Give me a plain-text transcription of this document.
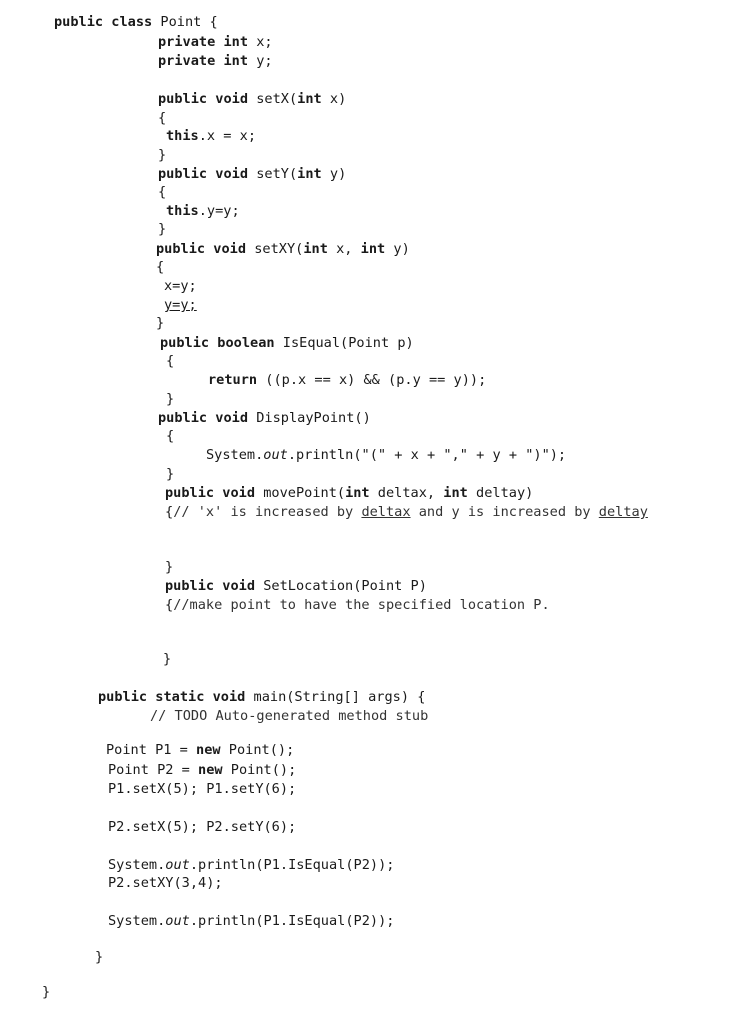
public class Point {
private int x;
private int y;
public void setX(int x)
{
this.x = x;
}
public void setY(int y)
{
this.y=y;
}
public void setXY(int x, int y)
{
x=y;
y=y;
}
public boolean IsEqual(Point p)
{
return ((p.x == x) && (p.y == y));
}
public void DisplayPoint()
{
System.out.println("(" + x + "," + y + ")");
}
public void movePoint(int deltax, int deltay)
{// 'x' is increased by deltax and y is increased by deltay
}
public void SetLocation(Point P)
{//make point to have the specified location P.
}
public static void main(String[] args) {
// TODO Auto-generated method stub
Point P1 = new Point();
Point P2 = new Point();
P1.setX(5); P1.setY(6);
P2.setX(5); P2.setY(6);
System.out.println(P1.IsEqual(P2));
P2.setXY(3,4);
System.out.println(P1.IsEqual(P2));
}
}
